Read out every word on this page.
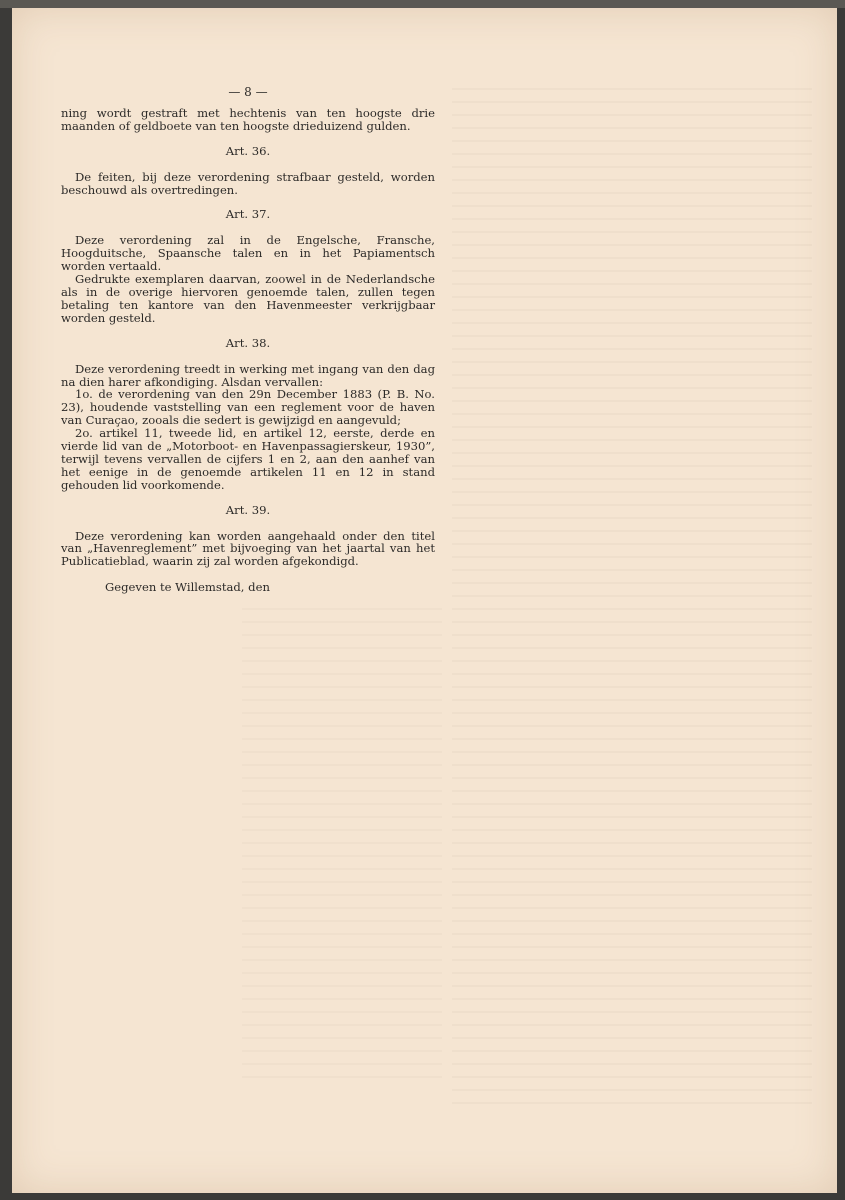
— 8 —

ning wordt gestraft met hechtenis van ten hoogste drie maanden of geldboete van ten hoogste drieduizend gulden.

Art. 36.

De feiten, bij deze verordening strafbaar gesteld, worden beschouwd als overtredingen.

Art. 37.

Deze verordening zal in de Engelsche, Fransche, Hoogduitsche, Spaansche talen en in het Papiamentsch worden vertaald.

Gedrukte exemplaren daarvan, zoowel in de Nederlandsche als in de overige hiervoren genoemde talen, zullen tegen betaling ten kantore van den Havenmeester verkrijgbaar worden gesteld.

Art. 38.

Deze verordening treedt in werking met ingang van den dag na dien harer afkondiging. Alsdan vervallen:

1o. de verordening van den 29n December 1883 (P. B. No. 23), houdende vaststelling van een reglement voor de haven van Curaçao, zooals die sedert is gewijzigd en aangevuld;

2o. artikel 11, tweede lid, en artikel 12, eerste, derde en vierde lid van de „Motorboot- en Havenpassagierskeur, 1930”, terwijl tevens vervallen de cijfers 1 en 2, aan den aanhef van het eenige in de genoemde artikelen 11 en 12 in stand gehouden lid voorkomende.

Art. 39.

Deze verordening kan worden aangehaald onder den titel van „Havenreglement” met bijvoeging van het jaartal van het Publicatieblad, waarin zij zal worden afgekondigd.

Gegeven te Willemstad, den
